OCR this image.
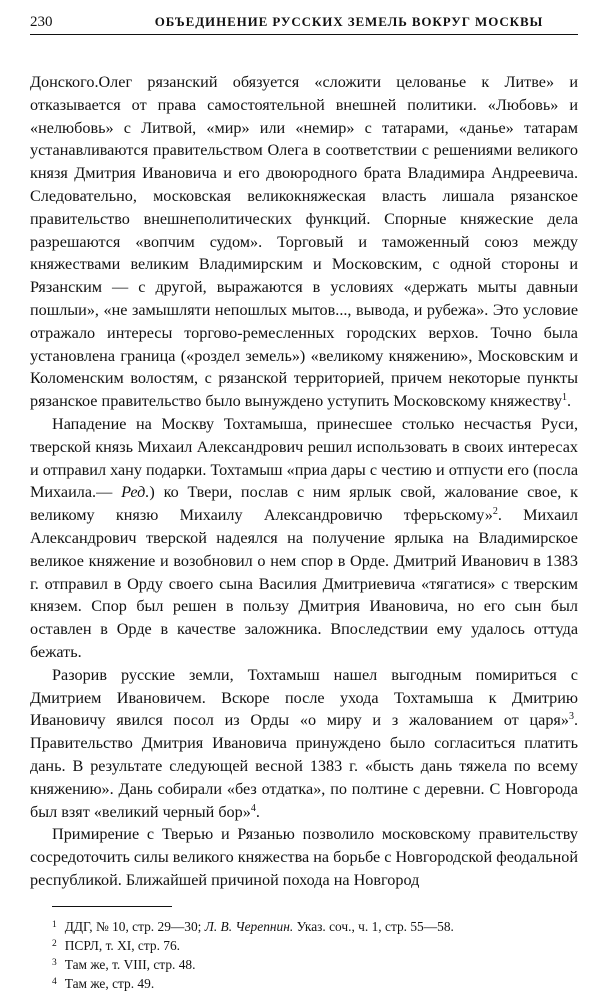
230	ОБЪЕДИНЕНИЕ РУССКИХ ЗЕМЕЛЬ ВОКРУГ МОСКВЫ

Донского.Олег рязанский обязуется «сложити целованье к Литве» и отказывается от права самостоятельной внешней политики. «Любовь» и «нелюбовь» с Литвой, «мир» или «немир» с татарами, «данье» татарам устанавливаются правительством Олега в соответствии с решениями великого князя Дмитрия Ивановича и его двоюродного брата Владимира Андреевича. Следовательно, московская великокняжеская власть лишала рязанское правительство внешнеполитических функций. Спорные княжеские дела разрешаются «вопчим судом». Торговый и таможенный союз между княжествами великим Владимирским и Московским, с одной стороны и Рязанским — с другой, выражаются в условиях «держать мыты давныи пошлыи», «не замышляти непошлых мытов..., вывода, и рубежа». Это условие отражало интересы торгово-ремесленных городских верхов. Точно была установлена граница («роздел земель») «великому княжению», Московским и Коломенским волостям, с рязанской территорией, причем некоторые пункты рязанское правительство было вынуждено уступить Московскому княжеству$^1$.

Нападение на Москву Тохтамыша, принесшее столько несчастья Руси, тверской князь Михаил Александрович решил использовать в своих интересах и отправил хану подарки. Тохтамыш «приа дары с честию и отпусти его (посла Михаила.— Ред.) ко Твери, послав с ним ярлык свой, жалование свое, к великому князю Михаилу Александровичю тферьскому»$^2$. Михаил Александрович тверской надеялся на получение ярлыка на Владимирское великое княжение и возобновил о нем спор в Орде. Дмитрий Иванович в 1383 г. отправил в Орду своего сына Василия Дмитриевича «тягатися» с тверским князем. Спор был решен в пользу Дмитрия Ивановича, но его сын был оставлен в Орде в качестве заложника. Впоследствии ему удалось оттуда бежать.

Разорив русские земли, Тохтамыш нашел выгодным помириться с Дмитрием Ивановичем. Вскоре после ухода Тохтамыша к Дмитрию Ивановичу явился посол из Орды «о миру и з жалованием от царя»$^3$. Правительство Дмитрия Ивановича принуждено было согласиться платить дань. В результате следующей весной 1383 г. «бысть дань тяжела по всему княжению». Дань собирали «без отдатка», по полтине с деревни. С Новгорода был взят «великий черный бор»$^4$.

Примирение с Тверью и Рязанью позволило московскому правительству сосредоточить силы великого княжества на борьбе с Новгородской феодальной республикой. Ближайшей причиной похода на Новгород

$^1$ ДДГ, № 10, стр. 29—30; Л. В. Черепнин. Указ. соч., ч. 1, стр. 55—58.
$^2$ ПСРЛ, т. XI, стр. 76.
$^3$ Там же, т. VIII, стр. 48.
$^4$ Там же, стр. 49.
